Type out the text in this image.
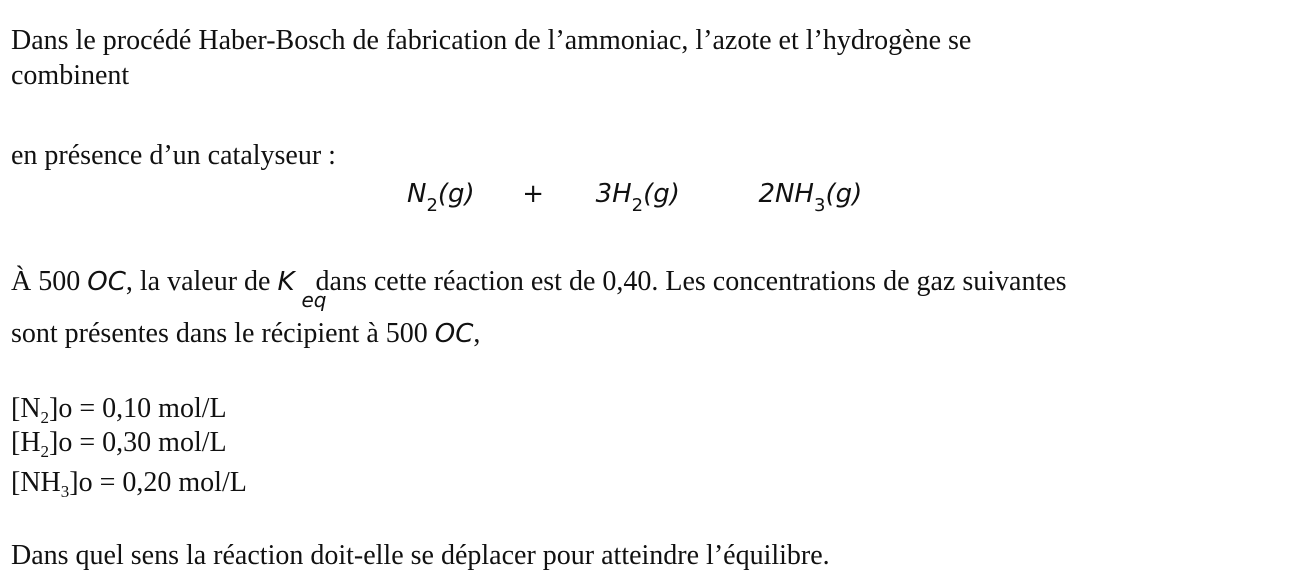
Dans le procédé Haber-Bosch de fabrication de l’ammoniac, l’azote et l’hydrogène se
combinent
en présence d’un catalyseur :
$N_2(g) + 3H_2(g)$	$2NH_3(g)$
À 500 OC, la valeur de K
eq
dans cette réaction est de 0,40. Les concentrations de gaz suivantes
sont présentes dans le récipient à 500 OC,
$[N_2]o = 0,10$ mol/L
$[H_2]o = 0,30$ mol/L
$[NH_3]o = 0,20$ mol/L
Dans quel sens la réaction doit-elle se déplacer pour atteindre l’équilibre.
